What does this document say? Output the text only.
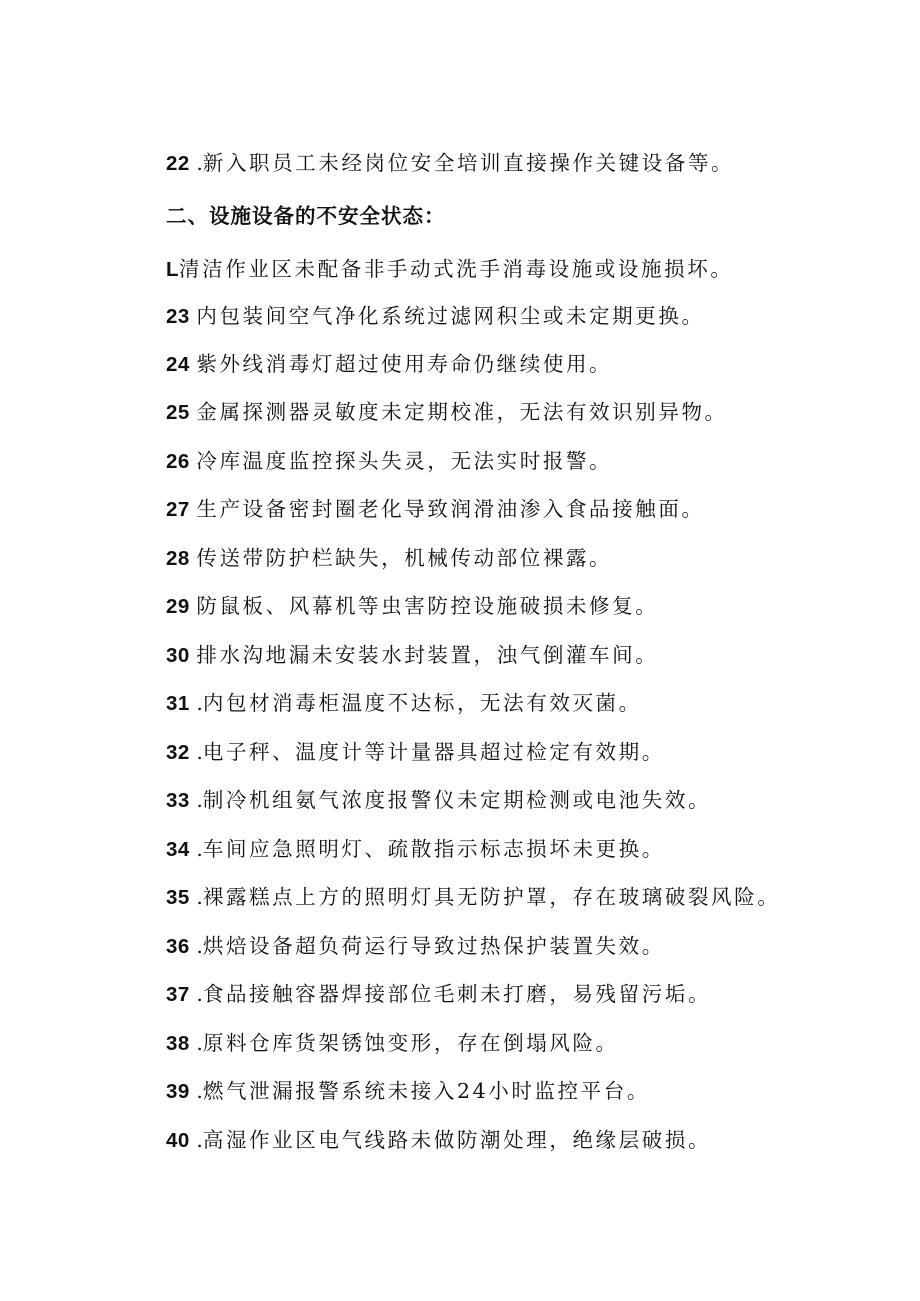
22 .新入职员工未经岗位安全培训直接操作关键设备等。
二、设施设备的不安全状态：
L清洁作业区未配备非手动式洗手消毒设施或设施损坏。
23 内包装间空气净化系统过滤网积尘或未定期更换。
24 紫外线消毒灯超过使用寿命仍继续使用。
25 金属探测器灵敏度未定期校准，无法有效识别异物。
26 冷库温度监控探头失灵，无法实时报警。
27 生产设备密封圈老化导致润滑油渗入食品接触面。
28 传送带防护栏缺失，机械传动部位裸露。
29 防鼠板、风幕机等虫害防控设施破损未修复。
30 排水沟地漏未安装水封装置，浊气倒灌车间。
31 .内包材消毒柜温度不达标，无法有效灭菌。
32 .电子秤、温度计等计量器具超过检定有效期。
33 .制冷机组氨气浓度报警仪未定期检测或电池失效。
34 .车间应急照明灯、疏散指示标志损坏未更换。
35 .裸露糕点上方的照明灯具无防护罩，存在玻璃破裂风险。
36 .烘焙设备超负荷运行导致过热保护装置失效。
37 .食品接触容器焊接部位毛刺未打磨，易残留污垢。
38 .原料仓库货架锈蚀变形，存在倒塌风险。
39 .燃气泄漏报警系统未接入24小时监控平台。
40 .高湿作业区电气线路未做防潮处理，绝缘层破损。
